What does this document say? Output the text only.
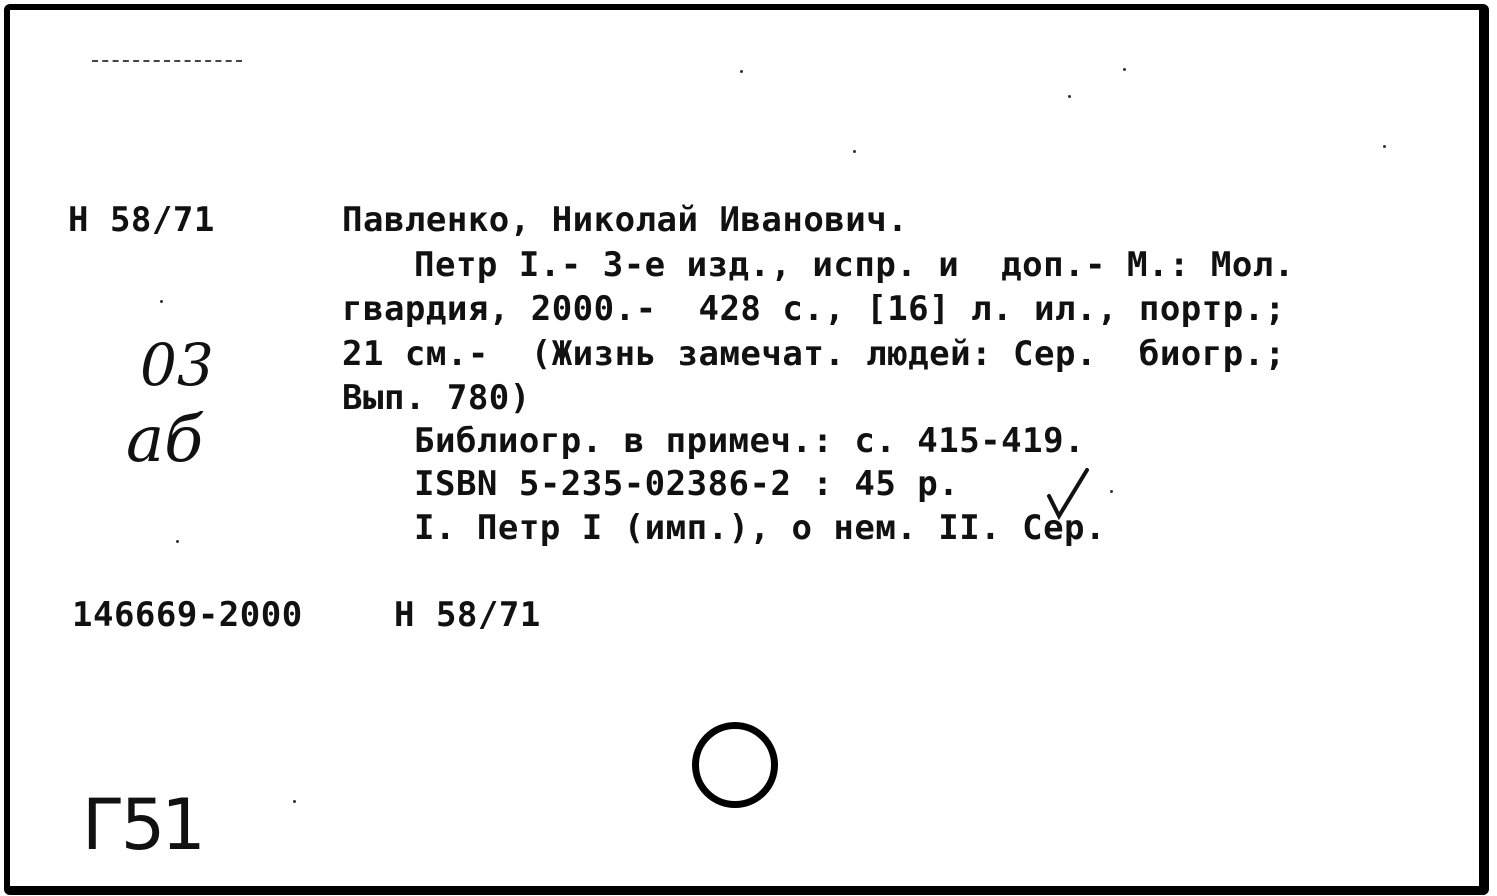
Н 58/71	Павленко, Николай Иванович.
Петр I.- 3-е изд., испр. и  доп.- М.: Мол.
гвардия, 2000.-  428 с., [16] л. ил., портр.;
21 см.-  (Жизнь замечат. людей: Сер.  биогр.;
Вып. 780)
Библиогр. в примеч.: с. 415-419.
ISBN 5-235-02386-2 : 45 р.
I. Петр I (имп.), о нем. II. Сер.
146669-2000	Н 58/71
03
аб
Г51
